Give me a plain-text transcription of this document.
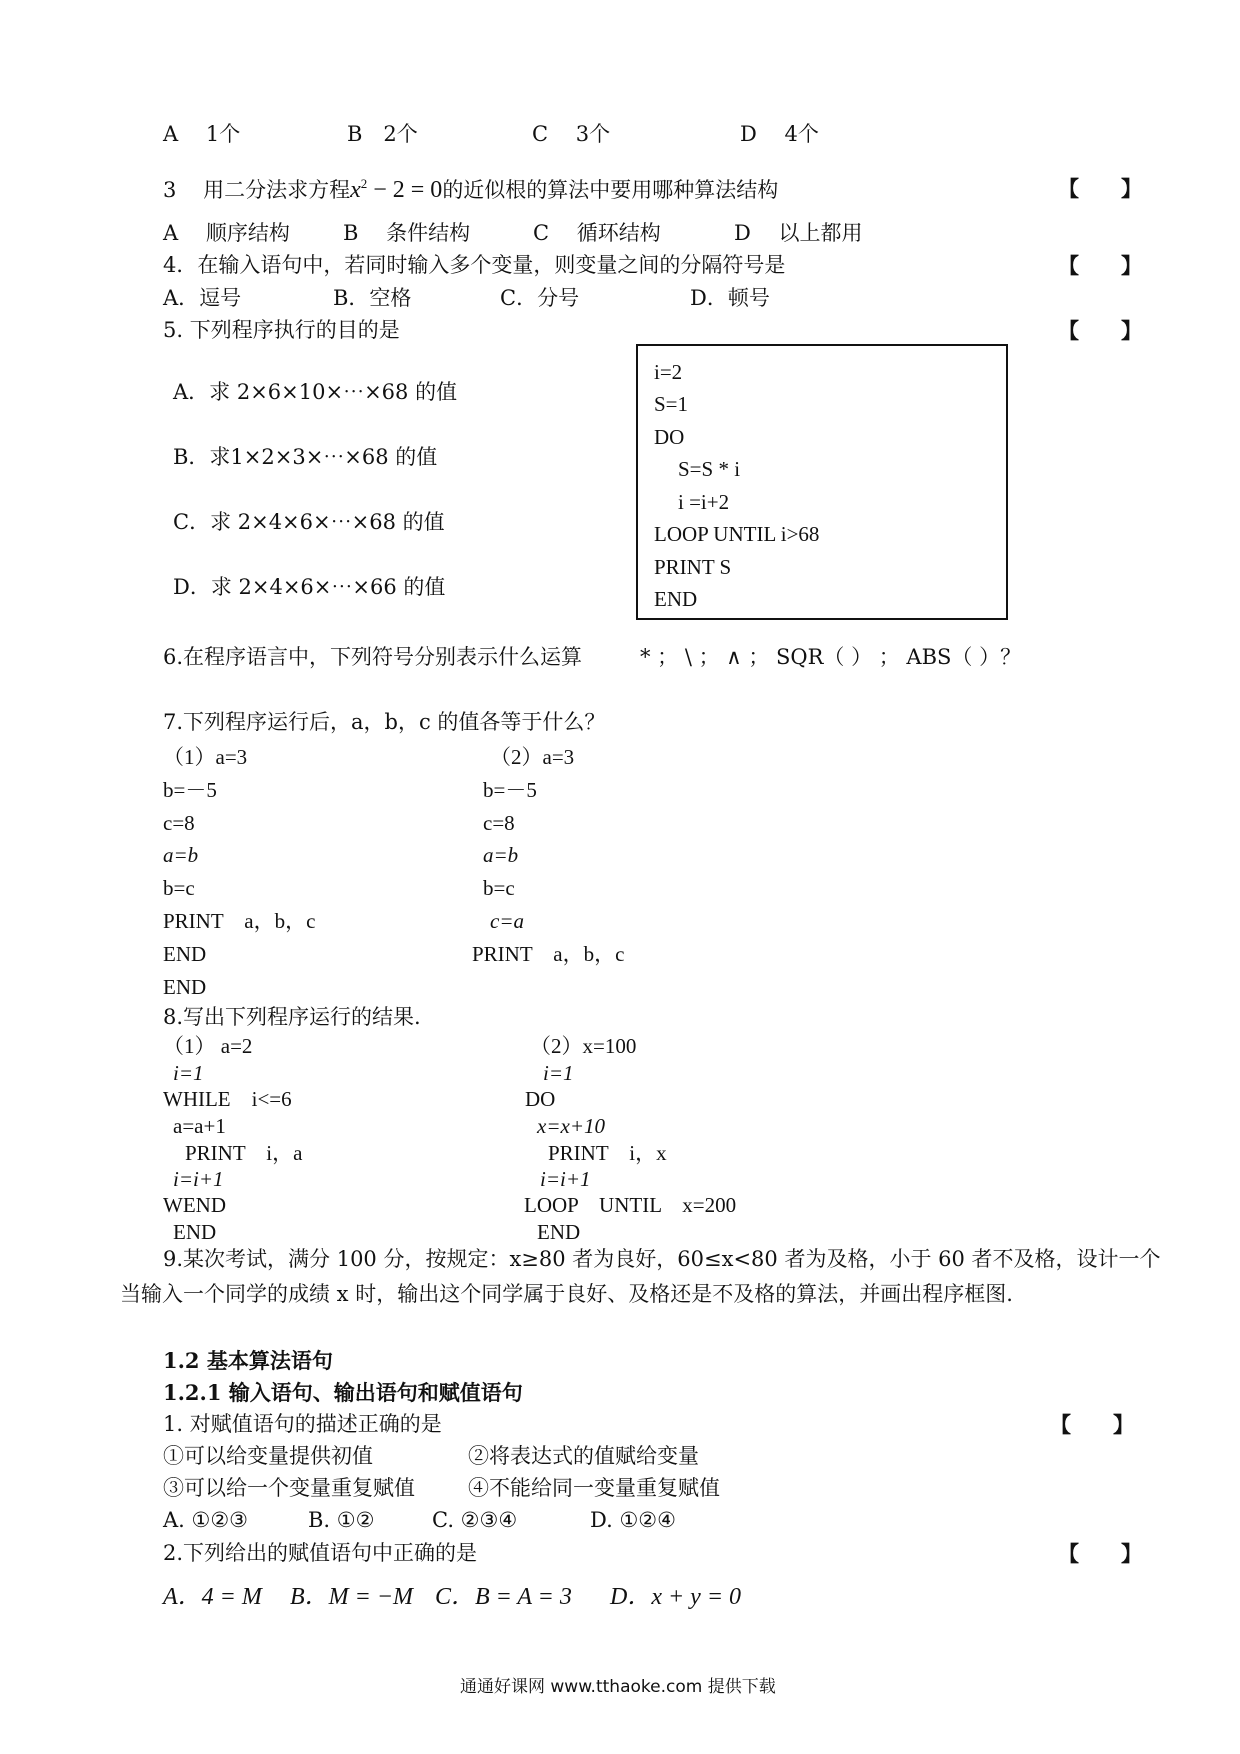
A　 1个	B　2个	C　 3个	D　 4个
3 用二分法求方程$x^2 - 2 = 0$的近似根的算法中要用哪种算法结构	【　　】
A　 顺序结构	B　 条件结构	C　 循环结构	D　 以上都用
4．在输入语句中，若同时输入多个变量，则变量之间的分隔符号是	【　　】
A．逗号	B．空格	C．分号	D．顿号
5. 下列程序执行的目的是	【　　】
A．求 2×6×10×⋯×68 的值
B．求1×2×3×⋯×68 的值
C．求 2×4×6×⋯×68 的值
D．求 2×4×6×⋯×66 的值
i=2
S=1
DO
S=S * i
i =i+2
LOOP UNTIL i>68
PRINT S
END
6.在程序语言中，下列符号分别表示什么运算	* ； \ ； ∧ ； SQR（ ） ； ABS（ ）？
7.下列程序运行后，a，b，c 的值各等于什么？
（1）a=3
b=－5
c=8
a=b
b=c
PRINT　a，b，c
END
END
（2）a=3
b=－5
c=8
a=b
b=c
c=a
PRINT　a，b，c
8.写出下列程序运行的结果.
（1） a=2
i=1
WHILE　i<=6
a=a+1
PRINT　i，a
i=i+1
WEND
END
（2）x=100
i=1
DO
x=x+10
PRINT　i，x
i=i+1
LOOP　UNTIL　x=200
END
9.某次考试，满分 100 分，按规定：x≥80 者为良好，60≤x<80 者为及格，小于 60 者不及格，设计一个
当输入一个同学的成绩 x 时，输出这个同学属于良好、及格还是不及格的算法，并画出程序框图.
1.2 基本算法语句
1.2.1 输入语句、输出语句和赋值语句
1. 对赋值语句的描述正确的是	【　　】
①可以给变量提供初值	②将表达式的值赋给变量
③可以给一个变量重复赋值	④不能给同一变量重复赋值
A. ①②③	B. ①②	C. ②③④	D. ①②④
2.下列给出的赋值语句中正确的是	【　　】
A．4 = M B．M = −M C．B = A = 3 D．x + y = 0
通通好课网 www.tthaoke.com 提供下载
